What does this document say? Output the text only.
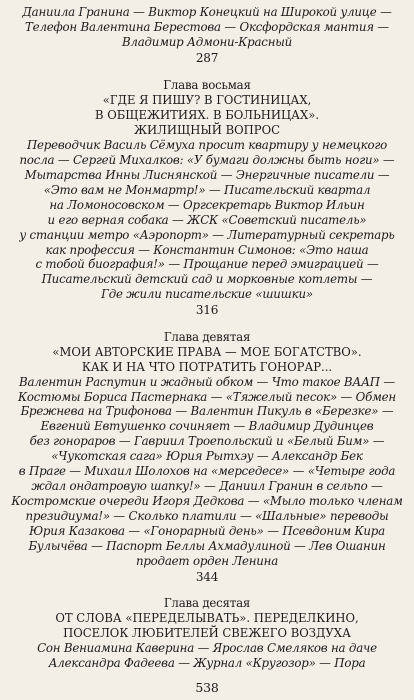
Даниила Гранина — Виктор Конецкий на Широкой улице —
Телефон Валентина Берестова — Оксфордская мантия —
Владимир Адмони-Красный
287
Глава восьмая
«ГДЕ Я ПИШУ? В ГОСТИНИЦАХ,
В ОБЩЕЖИТИЯХ. В БОЛЬНИЦАХ».
ЖИЛИЩНЫЙ ВОПРОС
Переводчик Василь Сёмуха просит квартиру у немецкого
посла — Сергей Михалков: «У бумаги должны быть ноги» —
Мытарства Инны Лиснянской — Энергичные писатели —
«Это вам не Монмартр!» — Писательский квартал
на Ломоносовском — Оргсекретарь Виктор Ильин
и его верная собака — ЖСК «Советский писатель»
у станции метро «Аэропорт» — Литературный секретарь
как профессия — Константин Симонов: «Это наша
с тобой биография!» — Прощание перед эмиграцией —
Писательский детский сад и морковные котлеты —
Где жили писательские «шишки»
316
Глава девятая
«МОИ АВТОРСКИЕ ПРАВА — МОЕ БОГАТСТВО».
КАК И НА ЧТО ПОТРАТИТЬ ГОНОРАР...
Валентин Распутин и жадный обком — Что такое ВААП —
Костюмы Бориса Пастернака — «Тяжелый песок» — Обмен
Брежнева на Трифонова — Валентин Пикуль в «Березке» —
Евгений Евтушенко сочиняет — Владимир Дудинцев
без гонораров — Гавриил Троепольский и «Белый Бим» —
«Чукотская сага» Юрия Рытхэу — Александр Бек
в Праге — Михаил Шолохов на «мерседесе» — «Четыре года
ждал ондатровую шапку!» — Даниил Гранин в сельпо —
Костромские очереди Игоря Дедкова — «Мыло только членам
президиума!» — Сколько платили — «Шальные» переводы
Юрия Казакова — «Гонорарный день» — Псевдоним Кира
Булычёва — Паспорт Беллы Ахмадулиной — Лев Ошанин
продает орден Ленина
344
Глава десятая
ОТ СЛОВА «ПЕРЕДЕЛЫВАТЬ». ПЕРЕДЕЛКИНО,
ПОСЕЛОК ЛЮБИТЕЛЕЙ СВЕЖЕГО ВОЗДУХА
Сон Вениамина Каверина — Ярослав Смеляков на даче
Александра Фадеева — Журнал «Кругозор» — Пора
538
